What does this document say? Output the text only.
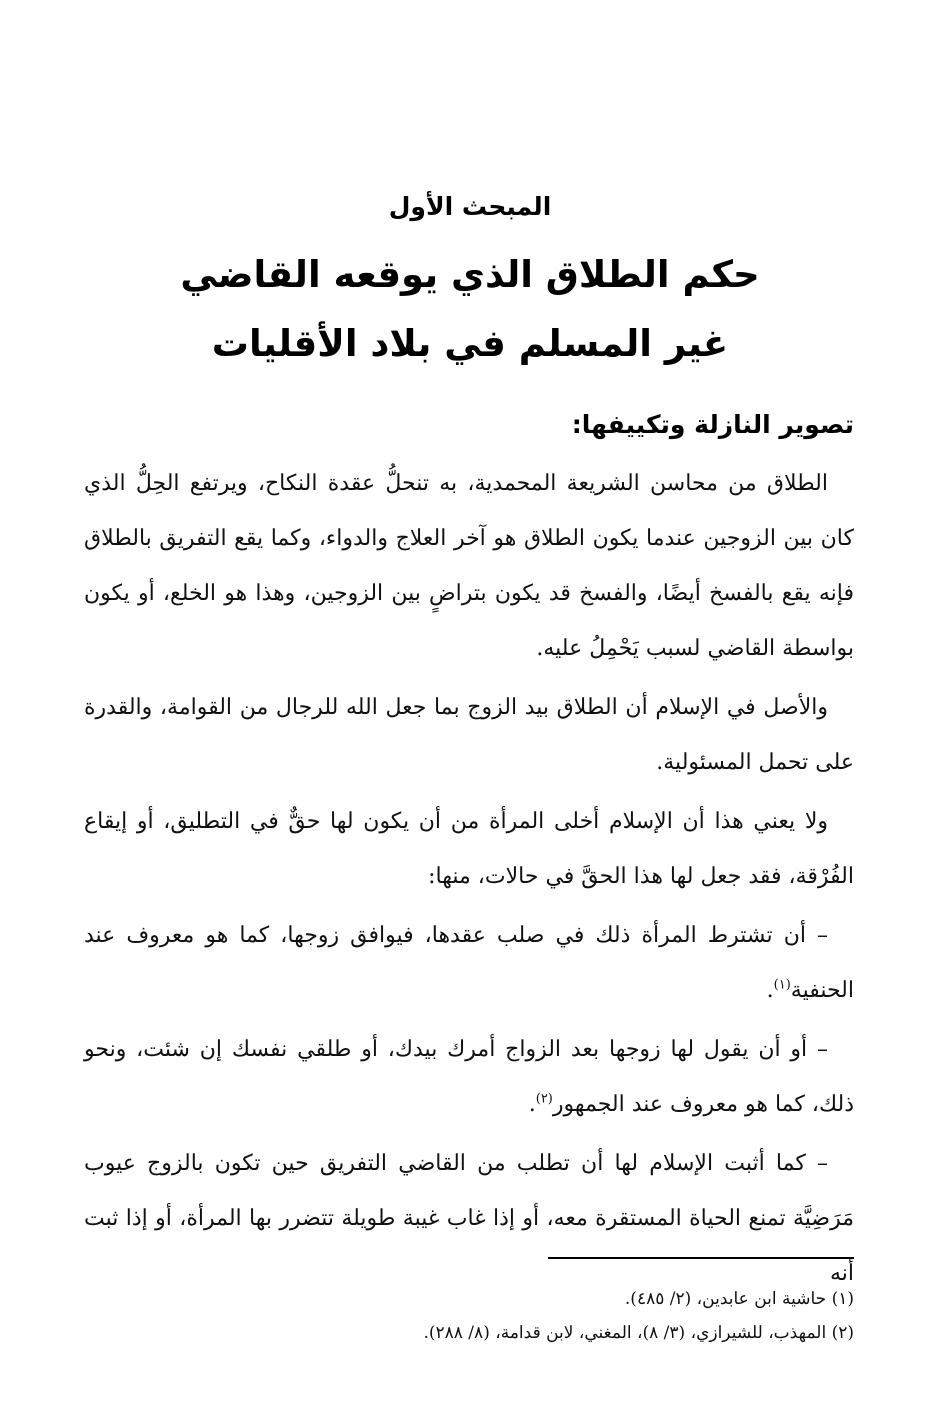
المبحث الأول
حكم الطلاق الذي يوقعه القاضي
غير المسلم في بلاد الأقليات
تصوير النازلة وتكييفها:

الطلاق من محاسن الشريعة المحمدية، به تنحلُّ عقدة النكاح، ويرتفع الحِلُّ الذي كان بين الزوجين عندما يكون الطلاق هو آخر العلاج والدواء، وكما يقع التفريق بالطلاق فإنه يقع بالفسخ أيضًا، والفسخ قد يكون بتراضٍ بين الزوجين، وهذا هو الخلع، أو يكون بواسطة القاضي لسبب يَحْمِلُ عليه.

والأصل في الإسلام أن الطلاق بيد الزوج بما جعل الله للرجال من القوامة، والقدرة على تحمل المسئولية.

ولا يعني هذا أن الإسلام أخلى المرأة من أن يكون لها حقٌّ في التطليق، أو إيقاع الفُرْقة، فقد جعل لها هذا الحقَّ في حالات، منها:

– أن تشترط المرأة ذلك في صلب عقدها، فيوافق زوجها، كما هو معروف عند الحنفية$^{(١)}$.

– أو أن يقول لها زوجها بعد الزواج أمرك بيدك، أو طلقي نفسك إن شئت، ونحو ذلك، كما هو معروف عند الجمهور$^{(٢)}$.

– كما أثبت الإسلام لها أن تطلب من القاضي التفريق حين تكون بالزوج عيوب مَرَضِيَّة تمنع الحياة المستقرة معه، أو إذا غاب غيبة طويلة تتضرر بها المرأة، أو إذا ثبت أنه

(١) حاشية ابن عابدين، (٢/ ٤٨٥).
(٢) المهذب، للشيرازي، (٣/ ٨)، المغني، لابن قدامة، (٨/ ٢٨٨).
